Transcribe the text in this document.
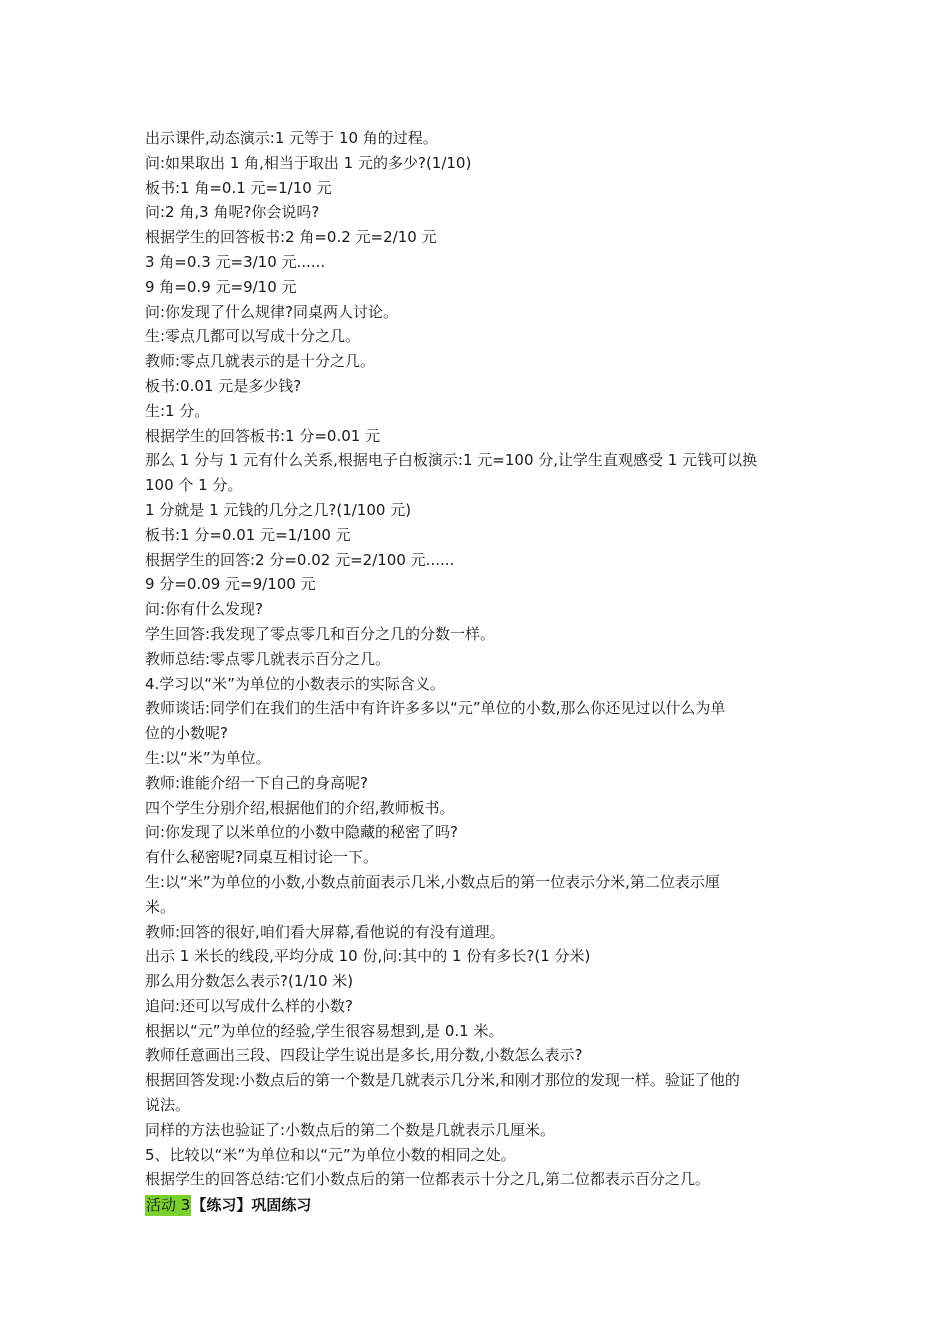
出示课件,动态演示:1 元等于 10 角的过程。
问:如果取出 1 角,相当于取出 1 元的多少?(1/10)
板书:1 角=0.1 元=1/10 元
问:2 角,3 角呢?你会说吗?
根据学生的回答板书:2 角=0.2 元=2/10 元
3 角=0.3 元=3/10 元......
9 角=0.9 元=9/10 元
问:你发现了什么规律?同桌两人讨论。
生:零点几都可以写成十分之几。
教师:零点几就表示的是十分之几。
板书:0.01 元是多少钱?
生:1 分。
根据学生的回答板书:1 分=0.01 元
那么 1 分与 1 元有什么关系,根据电子白板演示:1 元=100 分,让学生直观感受 1 元钱可以换
100 个 1 分。
1 分就是 1 元钱的几分之几?(1/100 元)
板书:1 分=0.01 元=1/100 元
根据学生的回答:2 分=0.02 元=2/100 元......
9 分=0.09 元=9/100 元
问:你有什么发现?
学生回答:我发现了零点零几和百分之几的分数一样。
教师总结:零点零几就表示百分之几。
4.学习以“米”为单位的小数表示的实际含义。
教师谈话:同学们在我们的生活中有许许多多以“元”单位的小数,那么你还见过以什么为单
位的小数呢?
生:以“米”为单位。
教师:谁能介绍一下自己的身高呢?
四个学生分别介绍,根据他们的介绍,教师板书。
问:你发现了以米单位的小数中隐藏的秘密了吗?
有什么秘密呢?同桌互相讨论一下。
生:以“米”为单位的小数,小数点前面表示几米,小数点后的第一位表示分米,第二位表示厘
米。
教师:回答的很好,咱们看大屏幕,看他说的有没有道理。
出示 1 米长的线段,平均分成 10 份,问:其中的 1 份有多长?(1 分米)
那么用分数怎么表示?(1/10 米)
追问:还可以写成什么样的小数?
根据以“元”为单位的经验,学生很容易想到,是 0.1 米。
教师任意画出三段、四段让学生说出是多长,用分数,小数怎么表示?
根据回答发现:小数点后的第一个数是几就表示几分米,和刚才那位的发现一样。验证了他的
说法。
同样的方法也验证了:小数点后的第二个数是几就表示几厘米。
5、比较以“米”为单位和以“元”为单位小数的相同之处。
根据学生的回答总结:它们小数点后的第一位都表示十分之几,第二位都表示百分之几。
活动 3【练习】巩固练习
